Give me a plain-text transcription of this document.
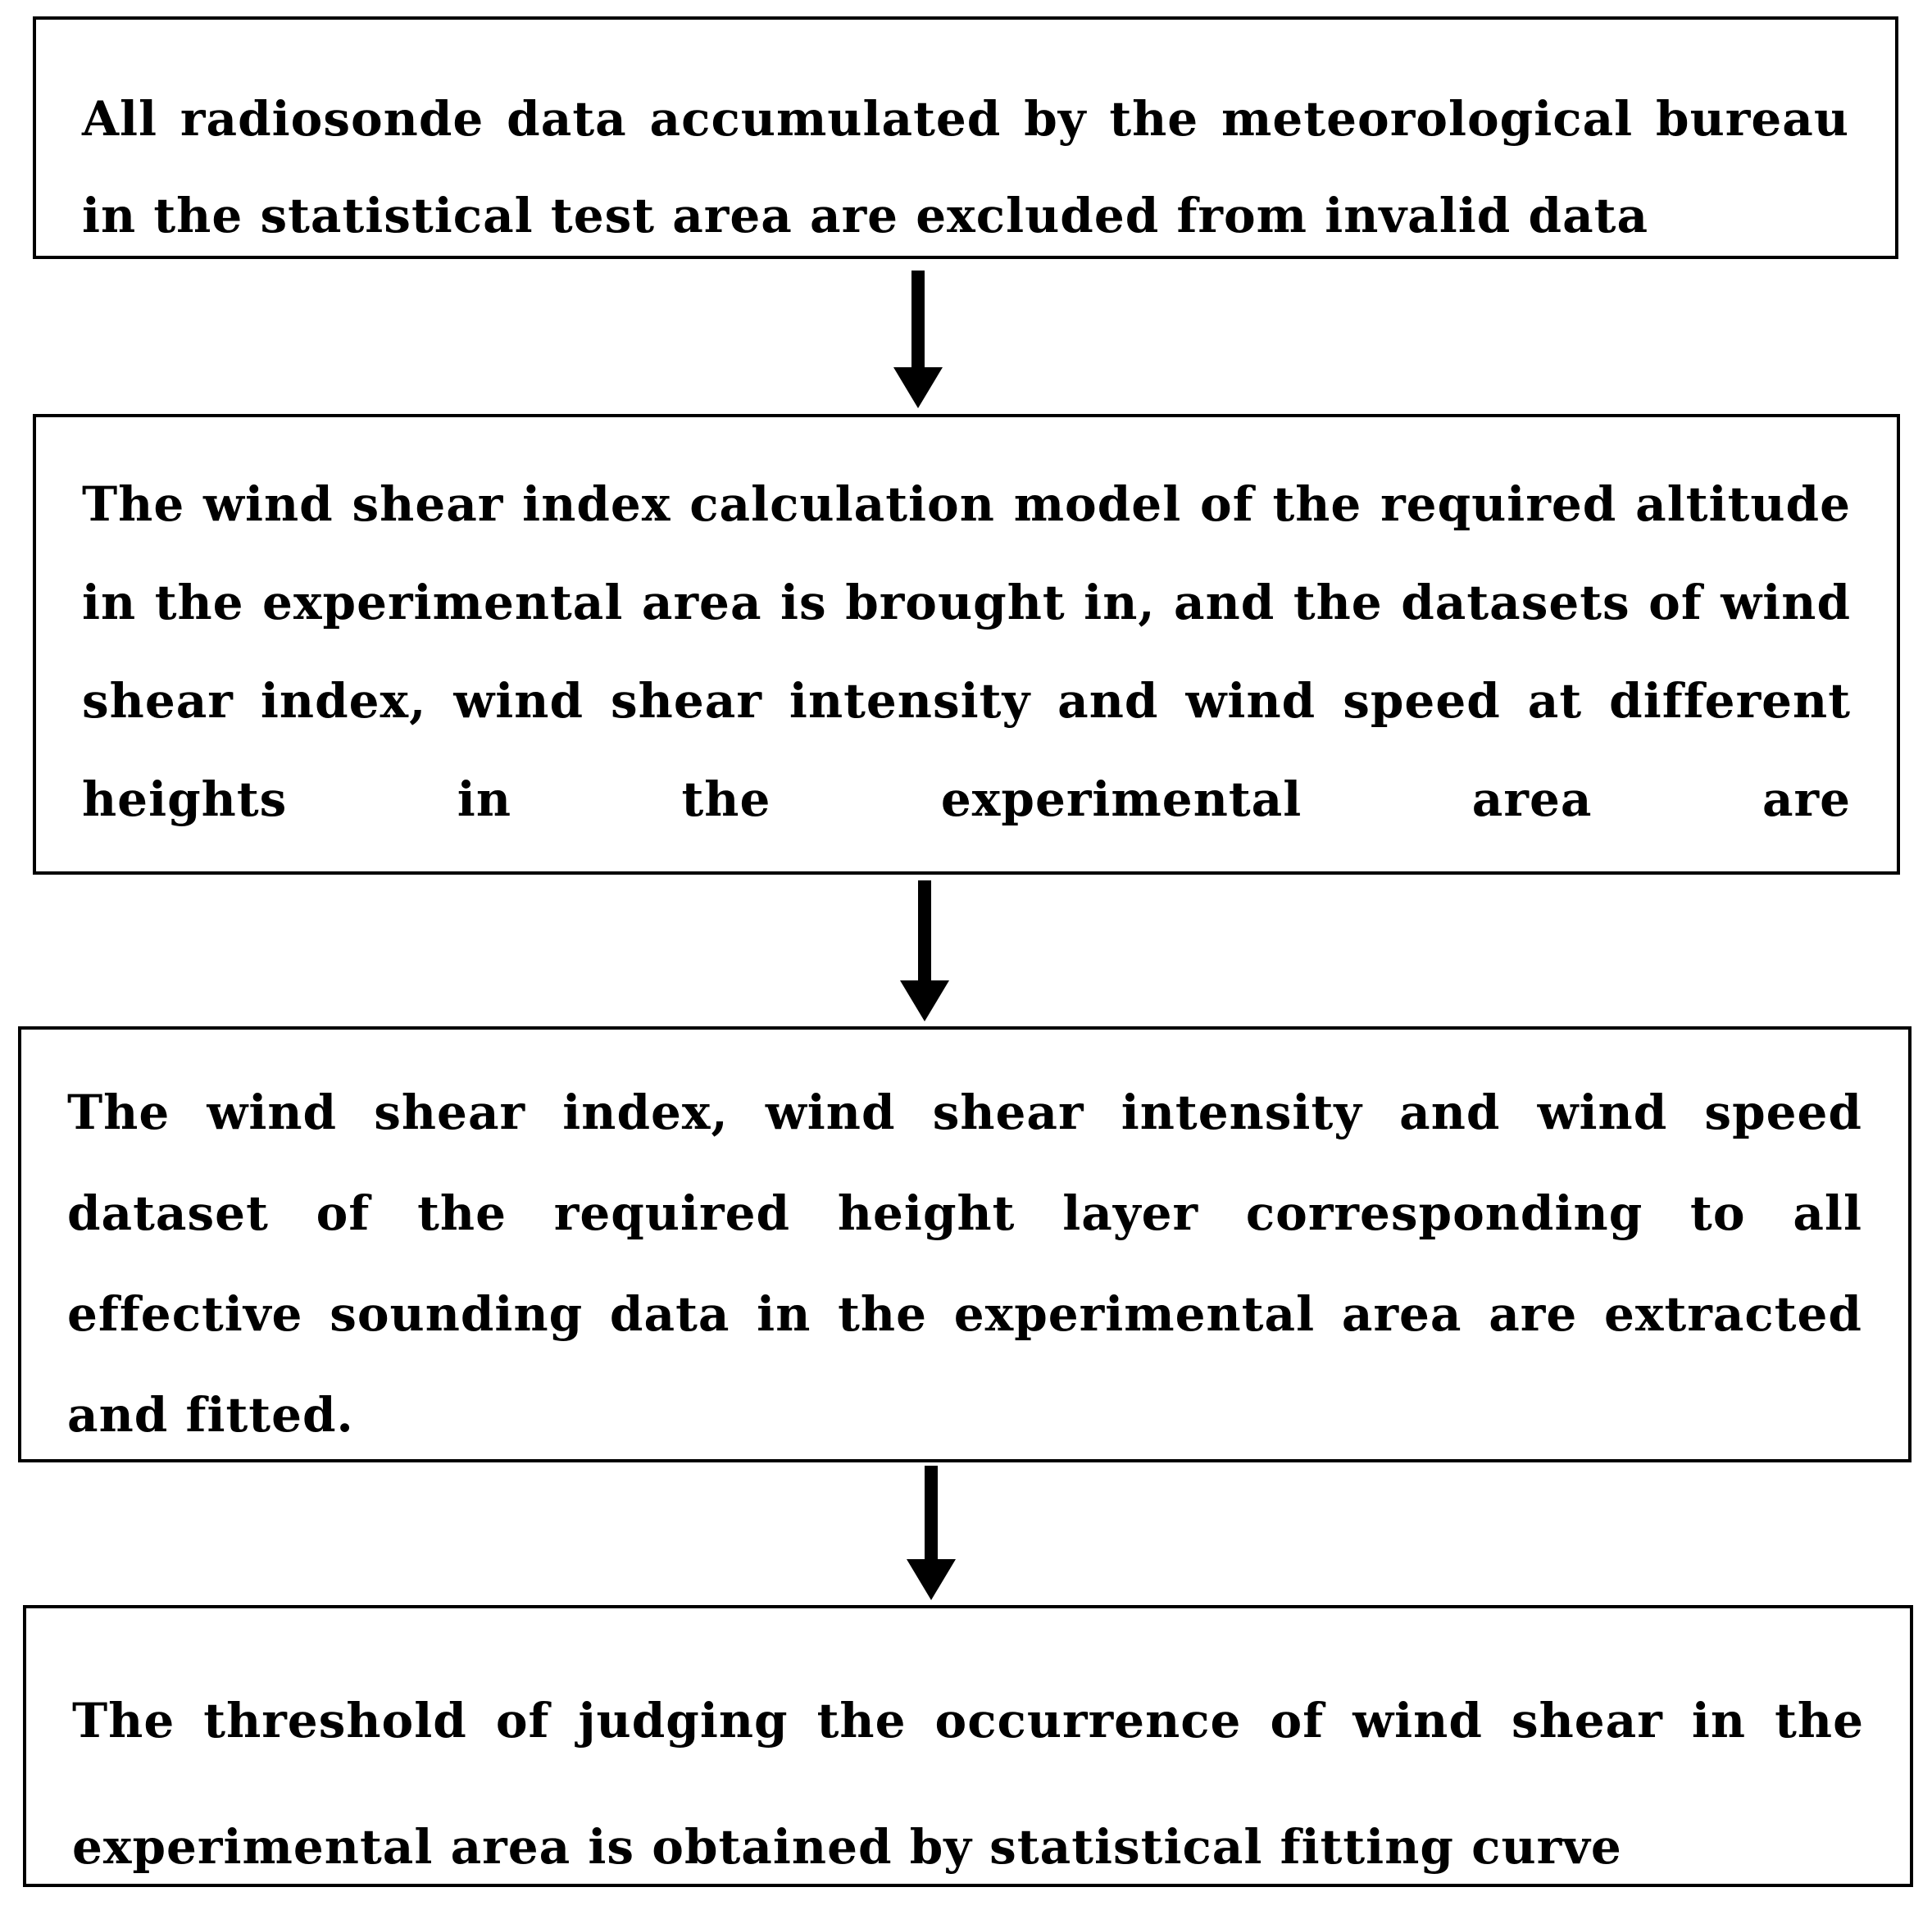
All radiosonde data accumulated by the meteorological bureau in the statistical test area are excluded from invalid data

The wind shear index calculation model of the required altitude in the experimental area is brought in, and the datasets of wind shear index, wind shear intensity and wind speed at different heights in the experimental area are

The wind shear index, wind shear intensity and wind speed dataset of the required height layer corresponding to all effective sounding data in the experimental area are extracted and fitted.

The threshold of judging the occurrence of wind shear in the experimental area is obtained by statistical fitting curve
